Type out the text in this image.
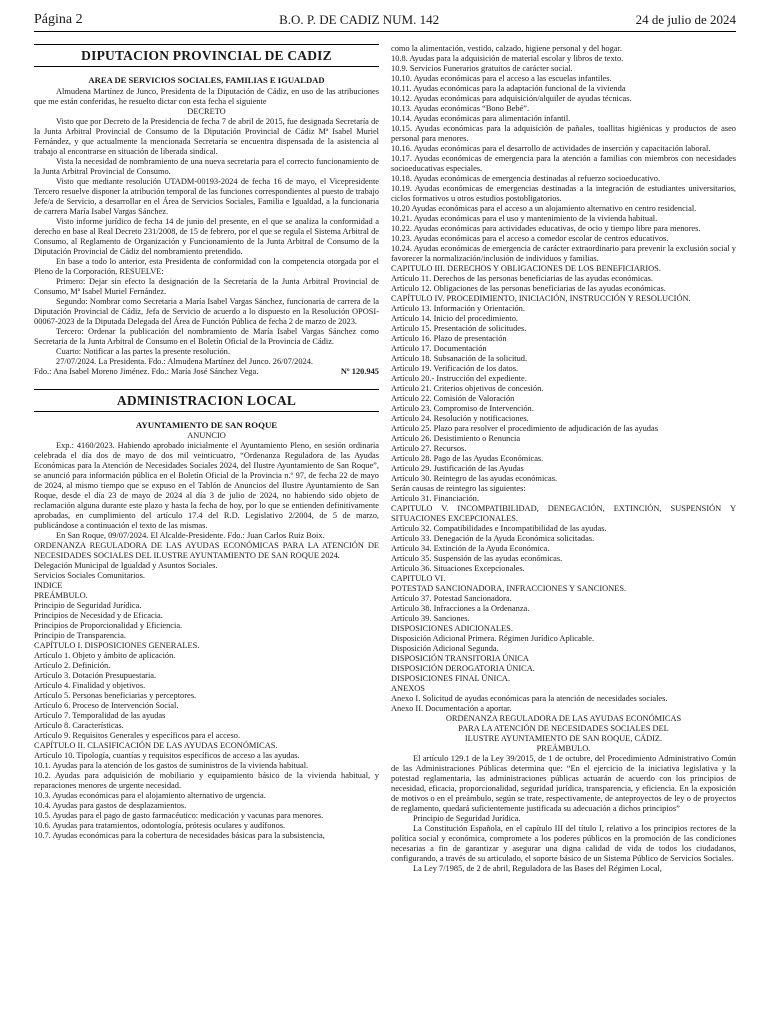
Página 2	B.O. P. DE CADIZ NUM. 142	24 de julio de 2024
DIPUTACION PROVINCIAL DE CADIZ
AREA DE SERVICIOS SOCIALES, FAMILIAS E IGUALDAD

Almudena Martínez de Junco, Presidenta de la Diputación de Cádiz, en uso de las atribuciones que me están conferidas, he resuelto dictar con esta fecha el siguiente

DECRETO

Visto que por Decreto de la Presidencia de fecha 7 de abril de 2015, fue designada Secretaría de la Junta Arbitral Provincial de Consumo de la Diputación Provincial de Cádiz Mª Isabel Muriel Fernández, y que actualmente la mencionada Secretaría se encuentra dispensada de la asistencia al trabajo al encontrarse en situación de liberada sindical.

Vista la necesidad de nombramiento de una nueva secretaria para el correcto funcionamiento de la Junta Arbitral Provincial de Consumo.

Visto que mediante resolución UTADM-00193-2024 de fecha 16 de mayo, el Vicepresidente Tercero resuelve disponer la atribución temporal de las funciones correspondientes al puesto de trabajo Jefe/a de Servicio, a desarrollar en el Área de Servicios Sociales, Familia e Igualdad, a la funcionaria de carrera María Isabel Vargas Sánchez.

Visto informe jurídico de fecha 14 de junio del presente, en el que se analiza la conformidad a derecho en base al Real Decreto 231/2008, de 15 de febrero, por el que se regula el Sistema Arbitral de Consumo, al Reglamento de Organización y Funcionamiento de la Junta Arbitral de Consumo de la Diputación Provincial de Cádiz del nombramiento pretendido.

En base a todo lo anterior, esta Presidenta de conformidad con la competencia otorgada por el Pleno de la Corporación, RESUELVE:

Primero: Dejar sin efecto la designación de la Secretaría de la Junta Arbitral Provincial de Consumo, Mª Isabel Muriel Fernández.

Segundo: Nombrar como Secretaria a María Isabel Vargas Sánchez, funcionaria de carrera de la Diputación Provincial de Cádiz, Jefa de Servicio de acuerdo a lo dispuesto en la Resolución OPOSI-00067-2023 de la Diputada Delegada del Área de Función Pública de fecha 2 de marzo de 2023.

Tercero: Ordenar la publicación del nombramiento de María Isabel Vargas Sánchez como Secretaria de la Junta Arbitral de Consumo en el Boletín Oficial de la Provincia de Cádiz.

Cuarto: Notificar a las partes la presente resolución.

27/07/2024. La Presidenta. Fdo.: Almudena Martínez del Junco. 26/07/2024.

Fdo.: Ana Isabel Moreno Jiménez. Fdo.: María José Sánchez Vega.	Nº 120.945
ADMINISTRACION LOCAL
AYUNTAMIENTO DE SAN ROQUE

ANUNCIO

Exp.: 4160/2023. Habiendo aprobado inicialmente el Ayuntamiento Pleno, en sesión ordinaria celebrada el día dos de mayo de dos mil veinticuatro, “Ordenanza Reguladora de las Ayudas Económicas para la Atención de Necesidades Sociales 2024, del Ilustre Ayuntamiento de San Roque”, se anunció para información pública en el Boletín Oficial de la Provincia n.º 97, de fecha 22 de mayo de 2024, al mismo tiempo que se expuso en el Tablón de Anuncios del Ilustre Ayuntamiento de San Roque, desde el día 23 de mayo de 2024 al día 3 de julio de 2024, no habiendo sido objeto de reclamación alguna durante este plazo y hasta la fecha de hoy, por lo que se entienden definitivamente aprobadas, en cumplimiento del artículo 17.4 del R.D. Legislativo 2/2004, de 5 de marzo, publicándose a continuación el texto de las mismas.

En San Roque, 09/07/2024. El Alcalde-Presidente. Fdo.: Juan Carlos Ruiz Boix.

ORDENANZA REGULADORA DE LAS AYUDAS ECONÓMICAS PARA LA ATENCIÓN DE NECESIDADES SOCIALES DEL ILUSTRE AYUNTAMIENTO DE SAN ROQUE 2024.

Delegación Municipal de Igualdad y Asuntos Sociales.

Servicios Sociales Comunitarios.

INDICE

PREÁMBULO.

Principio de Seguridad Jurídica.

Principios de Necesidad y de Eficacia.

Principios de Proporcionalidad y Eficiencia.

Principio de Transparencia.

CAPÍTULO I. DISPOSICIONES GENERALES.

Artículo 1. Objeto y ámbito de aplicación.

Artículo 2. Definición.

Artículo 3. Dotación Presupuestaria.

Artículo 4. Finalidad y objetivos.

Artículo 5. Personas beneficiarias y perceptores.

Artículo 6. Proceso de Intervención Social.

Artículo 7. Temporalidad de las ayudas

Artículo 8. Características.

Artículo 9. Requisitos Generales y específicos para el acceso.

CAPÍTULO II. CLASIFICACIÓN DE LAS AYUDAS ECONÓMICAS.

Artículo 10. Tipología, cuantías y requisitos específicos de acceso a las ayudas.

10.1. Ayudas para la atención de los gastos de suministros de la vivienda habitual.

10.2. Ayudas para adquisición de mobiliario y equipamiento básico de la vivienda habitual, y reparaciones menores de urgente necesidad.

10.3. Ayudas económicas para el alojamiento alternativo de urgencia.

10.4. Ayudas para gastos de desplazamientos.

10.5. Ayudas para el pago de gasto farmacéutico: medicación y vacunas para menores.

10.6. Ayudas para tratamientos, odontología, prótesis oculares y audífonos.

10.7. Ayudas económicas para la cobertura de necesidades básicas para la subsistencia,

como la alimentación, vestido, calzado, higiene personal y del hogar.

10.8. Ayudas para la adquisición de material escolar y libros de texto.

10.9. Servicios Funerarios gratuitos de carácter social.

10.10. Ayudas económicas para el acceso a las escuelas infantiles.

10.11. Ayudas económicas para la adaptación funcional de la vivienda

10.12. Ayudas económicas para adquisición/alquiler de ayudas técnicas.

10.13. Ayudas económicas “Bono Bebé”.

10.14. Ayudas económicas para alimentación infantil.

10.15. Ayudas económicas para la adquisición de pañales, toallitas higiénicas y productos de aseo personal para menores.

10.16. Ayudas económicas para el desarrollo de actividades de inserción y capacitación laboral.

10.17. Ayudas económicas de emergencia para la atención a familias con miembros con necesidades socioeducativas especiales.

10.18. Ayudas económicas de emergencia destinadas al refuerzo socioeducativo.

10.19. Ayudas económicas de emergencias destinadas a la integración de estudiantes universitarios, ciclos formativos u otros estudios postobligatorios.

10.20 Ayudas económicas para el acceso a un alojamiento alternativo en centro residencial.

10.21. Ayudas económicas para el uso y mantenimiento de la vivienda habitual.

10.22. Ayudas económicas para actividades educativas, de ocio y tiempo libre para menores.

10.23. Ayudas económicas para el acceso a comedor escolar de centros educativos.

10.24. Ayudas económicas de emergencia de carácter extraordinario para prevenir la exclusión social y favorecer la normalización/inclusión de individuos y familias.

CAPITULO III. DERECHOS Y OBLIGACIONES DE LOS BENEFICIARIOS.

Artículo 11. Derechos de las personas beneficiarias de las ayudas económicas.

Artículo 12. Obligaciones de las personas beneficiarias de las ayudas económicas.

CAPÍTULO IV. PROCEDIMIENTO, INICIACIÓN, INSTRUCCIÓN Y RESOLUCIÓN.

Artículo 13. Información y Orientación.

Artículo 14. Inicio del procedimiento.

Artículo 15. Presentación de solicitudes.

Artículo 16. Plazo de presentación

Artículo 17. Documentación

Artículo 18. Subsanación de la solicitud.

Artículo 19. Verificación de los datos.

Artículo 20.- Instrucción del expediente.

Artículo 21. Criterios objetivos de concesión.

Artículo 22. Comisión de Valoración

Artículo 23. Compromiso de Intervención.

Artículo 24. Resolución y notificaciones.

Artículo 25. Plazo para resolver el procedimiento de adjudicación de las ayudas

Artículo 26. Desistimiento o Renuncia

Artículo 27. Recursos.

Artículo 28. Pago de las Ayudas Económicas.

Artículo 29. Justificación de las Ayudas

Artículo 30. Reintegro de las ayudas económicas.

Serán causas de reintegro las siguientes:

Artículo 31. Financiación.

CAPITULO V. INCOMPATIBILIDAD, DENEGACIÓN, EXTINCIÓN, SUSPENSIÓN Y SITUACIONES EXCEPCIONALES.

Artículo 32. Compatibilidades e Incompatibilidad de las ayudas.

Artículo 33. Denegación de la Ayuda Económica solicitadas.

Artículo 34. Extinción de la Ayuda Económica.

Artículo 35. Suspensión de las ayudas económicas.

Artículo 36. Situaciones Excepcionales.

CAPITULO VI.

POTESTAD SANCIONADORA, INFRACCIONES Y SANCIONES.

Artículo 37. Potestad Sancionadora.

Artículo 38. Infracciones a la Ordenanza.

Artículo 39. Sanciones.

DISPOSICIONES ADICIONALES.

Disposición Adicional Primera. Régimen Jurídico Aplicable.

Disposición Adicional Segunda.

DISPOSICIÓN TRANSITORIA ÚNICA

DISPOSICIÓN DEROGATORIA ÚNICA.

DISPOSICIONES FINAL ÚNICA.

ANEXOS

Anexo I. Solicitud de ayudas económicas para la atención de necesidades sociales.

Anexo II. Documentación a aportar.

ORDENANZA REGULADORA DE LAS AYUDAS ECONÓMICAS

PARA LA ATENCIÓN DE NECESIDADES SOCIALES DEL

ILUSTRE AYUNTAMIENTO DE SAN ROQUE, CÁDIZ.

PREÁMBULO.

El artículo 129.1 de la Ley 39/2015, de 1 de octubre, del Procedimiento Administrativo Común de las Administraciones Públicas determina que: “En el ejercicio de la iniciativa legislativa y la potestad reglamentaria, las administraciones públicas actuarán de acuerdo con los principios de necesidad, eficacia, proporcionalidad, seguridad jurídica, transparencia, y eficiencia. En la exposición de motivos o en el preámbulo, según se trate, respectivamente, de anteproyectos de ley o de proyectos de reglamento, quedará suficientemente justificada su adecuación a dichos principios”

Principio de Seguridad Jurídica.

La Constitución Española, en el capítulo III del título I, relativo a los principios rectores de la política social y económica, compromete a los poderes públicos en la promoción de las condiciones necesarias a fin de garantizar y asegurar una digna calidad de vida de todos los ciudadanos, configurando, a través de su articulado, el soporte básico de un Sistema Público de Servicios Sociales.

La Ley 7/1985, de 2 de abril, Reguladora de las Bases del Régimen Local,
